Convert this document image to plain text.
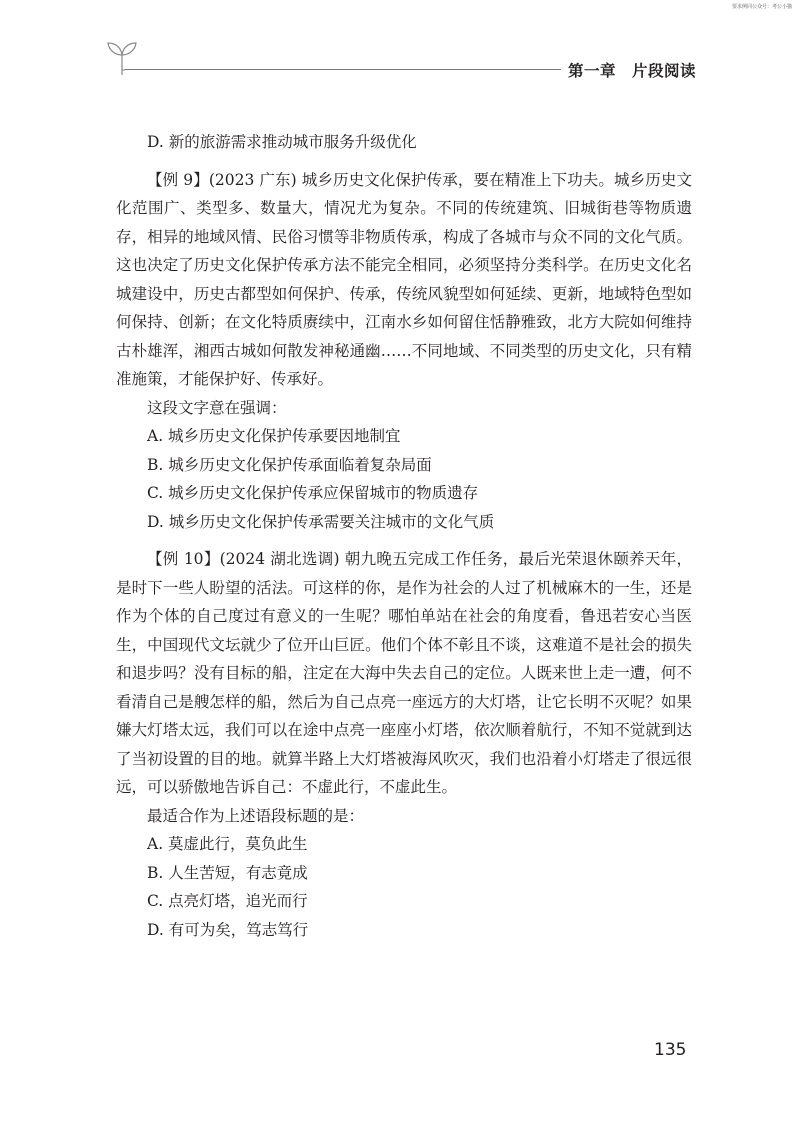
要求例同公众号：考公小猫
第一章　片段阅读

D. 新的旅游需求推动城市服务升级优化

【例 9】(2023 广东) 城乡历史文化保护传承，要在精准上下功夫。城乡历史文化范围广、类型多、数量大，情况尤为复杂。不同的传统建筑、旧城街巷等物质遗存，相异的地域风情、民俗习惯等非物质传承，构成了各城市与众不同的文化气质。这也决定了历史文化保护传承方法不能完全相同，必须坚持分类科学。在历史文化名城建设中，历史古都型如何保护、传承，传统风貌型如何延续、更新，地域特色型如何保持、创新；在文化特质赓续中，江南水乡如何留住恬静雅致，北方大院如何维持古朴雄浑，湘西古城如何散发神秘通幽……不同地域、不同类型的历史文化，只有精准施策，才能保护好、传承好。

这段文字意在强调：

A. 城乡历史文化保护传承要因地制宜

B. 城乡历史文化保护传承面临着复杂局面

C. 城乡历史文化保护传承应保留城市的物质遗存

D. 城乡历史文化保护传承需要关注城市的文化气质

【例 10】(2024 湖北选调) 朝九晚五完成工作任务，最后光荣退休颐养天年，是时下一些人盼望的活法。可这样的你，是作为社会的人过了机械麻木的一生，还是作为个体的自己度过有意义的一生呢？哪怕单站在社会的角度看，鲁迅若安心当医生，中国现代文坛就少了位开山巨匠。他们个体不彰且不谈，这难道不是社会的损失和退步吗？没有目标的船，注定在大海中失去自己的定位。人既来世上走一遭，何不看清自己是艘怎样的船，然后为自己点亮一座远方的大灯塔，让它长明不灭呢？如果嫌大灯塔太远，我们可以在途中点亮一座座小灯塔，依次顺着航行，不知不觉就到达了当初设置的目的地。就算半路上大灯塔被海风吹灭，我们也沿着小灯塔走了很远很远，可以骄傲地告诉自己：不虚此行，不虚此生。

最适合作为上述语段标题的是：

A. 莫虚此行，莫负此生

B. 人生苦短，有志竟成

C. 点亮灯塔，追光而行

D. 有可为矣，笃志笃行

135
